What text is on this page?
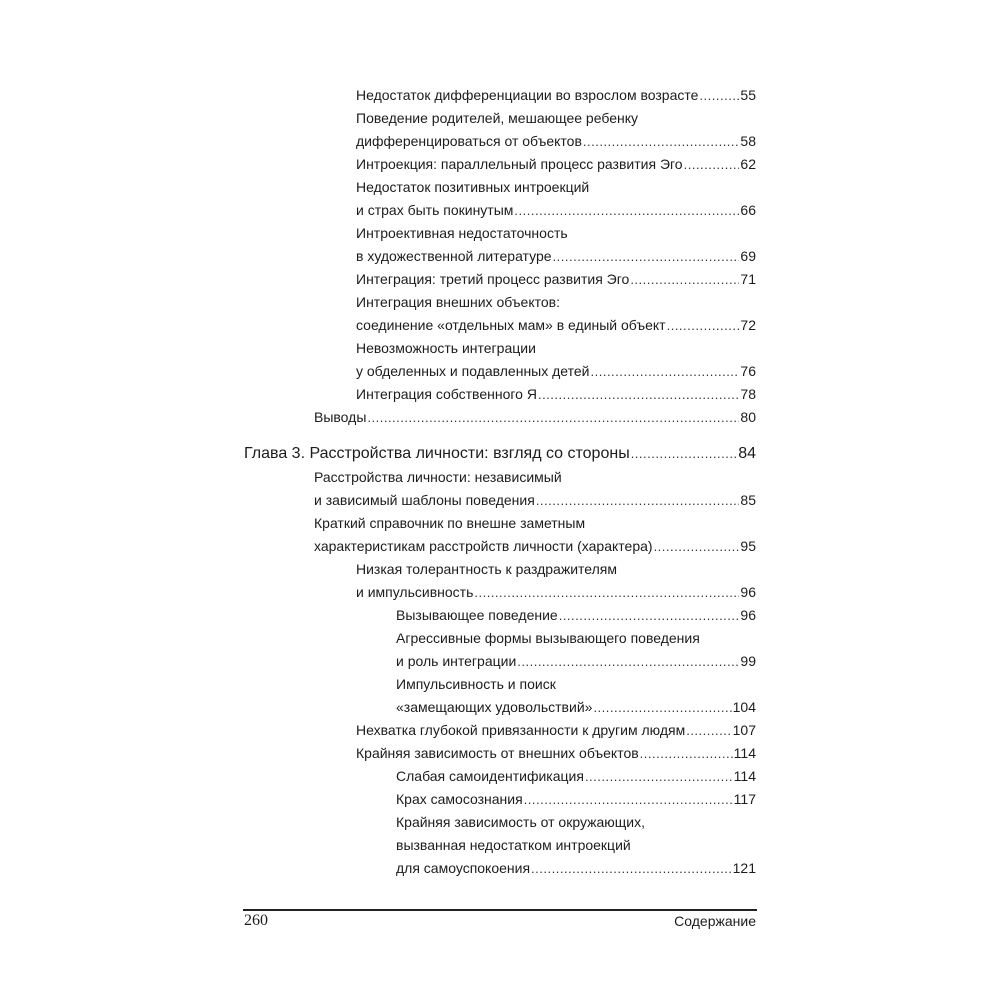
Недостаток дифференциации во взрослом возрасте .....	55
Поведение родителей, мешающее ребенку
дифференцироваться от объектов .....	58
Интроекция: параллельный процесс развития Эго .....	62
Недостаток позитивных интроекций
и страх быть покинутым .....	66
Интроективная недостаточность
в художественной литературе .....	69
Интеграция: третий процесс развития Эго .....	71
Интеграция внешних объектов:
соединение «отдельных мам» в единый объект .....	72
Невозможность интеграции
у обделенных и подавленных детей .....	76
Интеграция собственного Я .....	78
Выводы .....	80
Глава 3. Расстройства личности: взгляд со стороны .....	84
Расстройства личности: независимый
и зависимый шаблоны поведения .....	85
Краткий справочник по внешне заметным
характеристикам расстройств личности (характера) .....	95
Низкая толерантность к раздражителям
и импульсивность .....	96
Вызывающее поведение .....	96
Агрессивные формы вызывающего поведения
и роль интеграции .....	99
Импульсивность и поиск
«замещающих удовольствий» .....	104
Нехватка глубокой привязанности к другим людям .....	107
Крайняя зависимость от внешних объектов .....	114
Слабая самоидентификация .....	114
Крах самосознания .....	117
Крайняя зависимость от окружающих,
вызванная недостатком интроекций
для самоуспокоения .....	121
260	Содержание
